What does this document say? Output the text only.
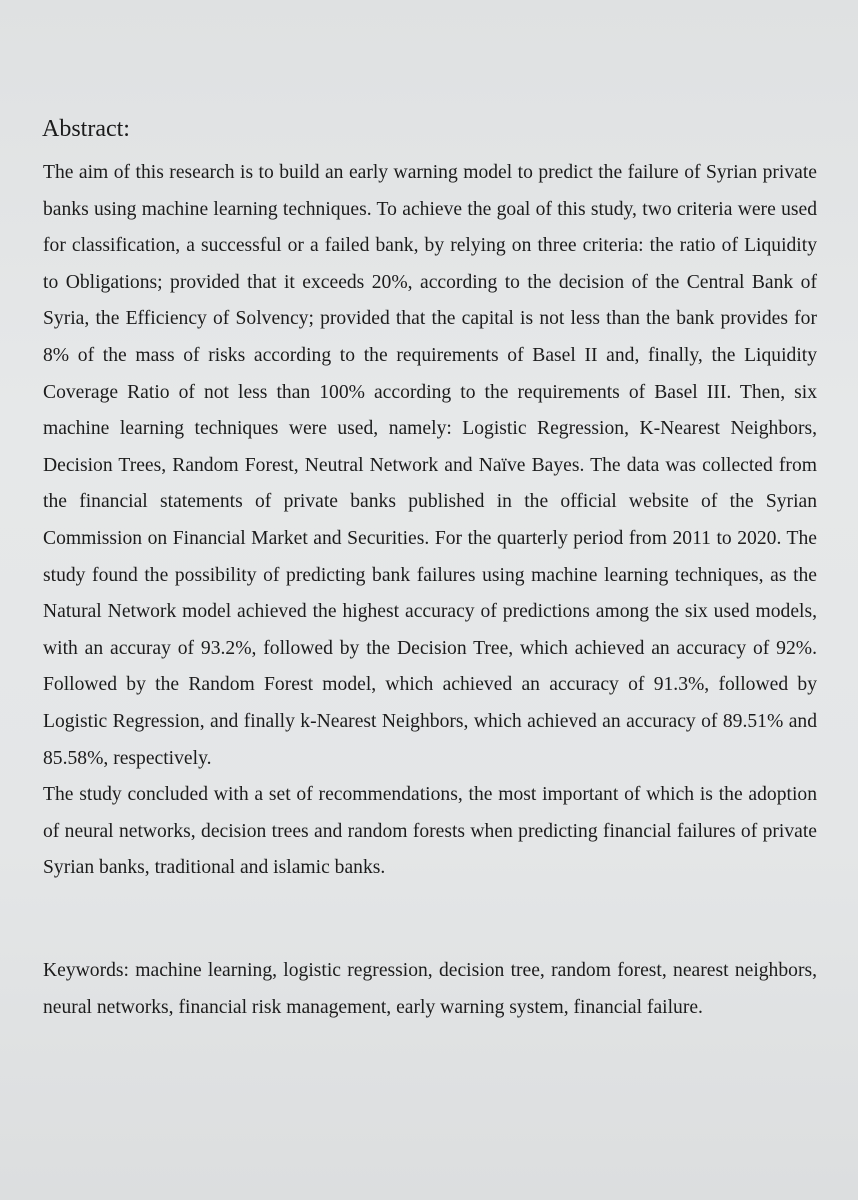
Abstract:

The aim of this research is to build an early warning model to predict the failure of Syrian private banks using machine learning techniques. To achieve the goal of this study, two criteria were used for classification, a successful or a failed bank, by relying on three criteria: the ratio of Liquidity to Obligations; provided that it exceeds 20%, according to the decision of the Central Bank of Syria, the Efficiency of Solvency; provided that the capital is not less than the bank provides for 8% of the mass of risks according to the requirements of Basel II and, finally, the Liquidity Coverage Ratio of not less than 100% according to the requirements of Basel III. Then, six machine learning techniques were used, namely: Logistic Regression, K-Nearest Neighbors, Decision Trees, Random Forest, Neutral Network and Naïve Bayes. The data was collected from the financial statements of private banks published in the official website of the Syrian Commission on Financial Market and Securities. For the quarterly period from 2011 to 2020. The study found the possibility of predicting bank failures using machine learning techniques, as the Natural Network model achieved the highest accuracy of predictions among the six used models, with an accuray of 93.2%, followed by the Decision Tree, which achieved an accuracy of 92%. Followed by the Random Forest model, which achieved an accuracy of 91.3%, followed by Logistic Regression, and finally k-Nearest Neighbors, which achieved an accuracy of 89.51% and 85.58%, respectively.

The study concluded with a set of recommendations, the most important of which is the adoption of neural networks, decision trees and random forests when predicting financial failures of private Syrian banks, traditional and islamic banks.

Keywords: machine learning, logistic regression, decision tree, random forest, nearest neighbors, neural networks, financial risk management, early warning system, financial failure.
